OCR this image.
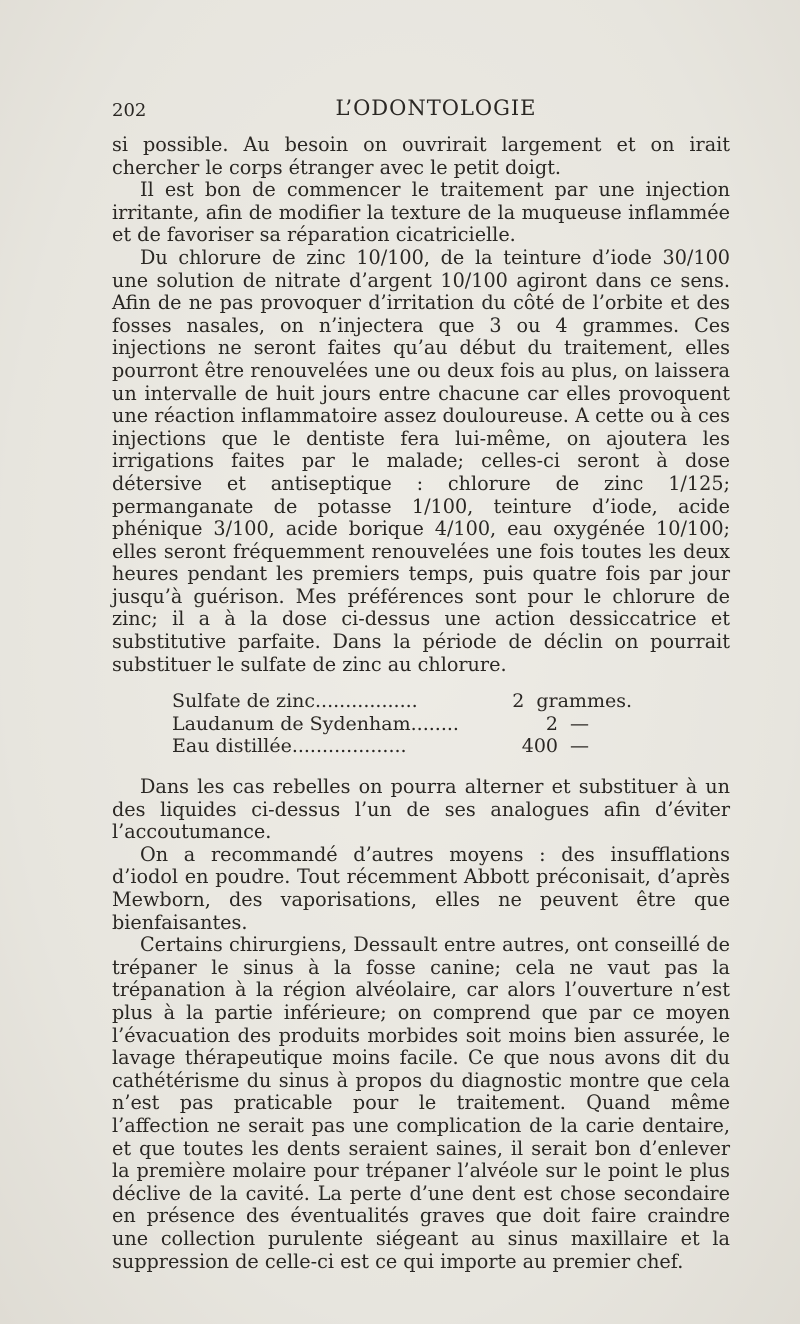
202	L’ODONTOLOGIE

si possible. Au besoin on ouvrirait largement et on irait chercher le corps étranger avec le petit doigt.

Il est bon de commencer le traitement par une injection irritante, afin de modifier la texture de la muqueuse inflammée et de favoriser sa réparation cicatricielle.

Du chlorure de zinc 10/100, de la teinture d’iode 30/100 une solution de nitrate d’argent 10/100 agiront dans ce sens. Afin de ne pas provoquer d’irritation du côté de l’orbite et des fosses nasales, on n’injectera que 3 ou 4 grammes. Ces injections ne seront faites qu’au début du traitement, elles pourront être renouvelées une ou deux fois au plus, on laissera un intervalle de huit jours entre chacune car elles provoquent une réaction inflammatoire assez douloureuse. A cette ou à ces injections que le dentiste fera lui-même, on ajoutera les irrigations faites par le malade; celles-ci seront à dose détersive et antiseptique : chlorure de zinc 1/125; permanganate de potasse 1/100, teinture d’iode, acide phénique 3/100, acide borique 4/100, eau oxygénée 10/100; elles seront fréquemment renouvelées une fois toutes les deux heures pendant les premiers temps, puis quatre fois par jour jusqu’à guérison. Mes préférences sont pour le chlorure de zinc; il a à la dose ci-dessus une action dessiccatrice et substitutive parfaite. Dans la période de déclin on pourrait substituer le sulfate de zinc au chlorure.

Sulfate de zinc.................	2 grammes.
Laudanum de Sydenham........	2 —
Eau distillée...................	400 —

Dans les cas rebelles on pourra alterner et substituer à un des liquides ci-dessus l’un de ses analogues afin d’éviter l’accoutumance.

On a recommandé d’autres moyens : des insufflations d’iodol en poudre. Tout récemment Abbott préconisait, d’après Mewborn, des vaporisations, elles ne peuvent être que bienfaisantes.

Certains chirurgiens, Dessault entre autres, ont conseillé de trépaner le sinus à la fosse canine; cela ne vaut pas la trépanation à la région alvéolaire, car alors l’ouverture n’est plus à la partie inférieure; on comprend que par ce moyen l’évacuation des produits morbides soit moins bien assurée, le lavage thérapeutique moins facile. Ce que nous avons dit du cathétérisme du sinus à propos du diagnostic montre que cela n’est pas praticable pour le traitement. Quand même l’affection ne serait pas une complication de la carie dentaire, et que toutes les dents seraient saines, il serait bon d’enlever la première molaire pour trépaner l’alvéole sur le point le plus déclive de la cavité. La perte d’une dent est chose secondaire en présence des éventualités graves que doit faire craindre une collection purulente siégeant au sinus maxillaire et la suppression de celle-ci est ce qui importe au premier chef.
